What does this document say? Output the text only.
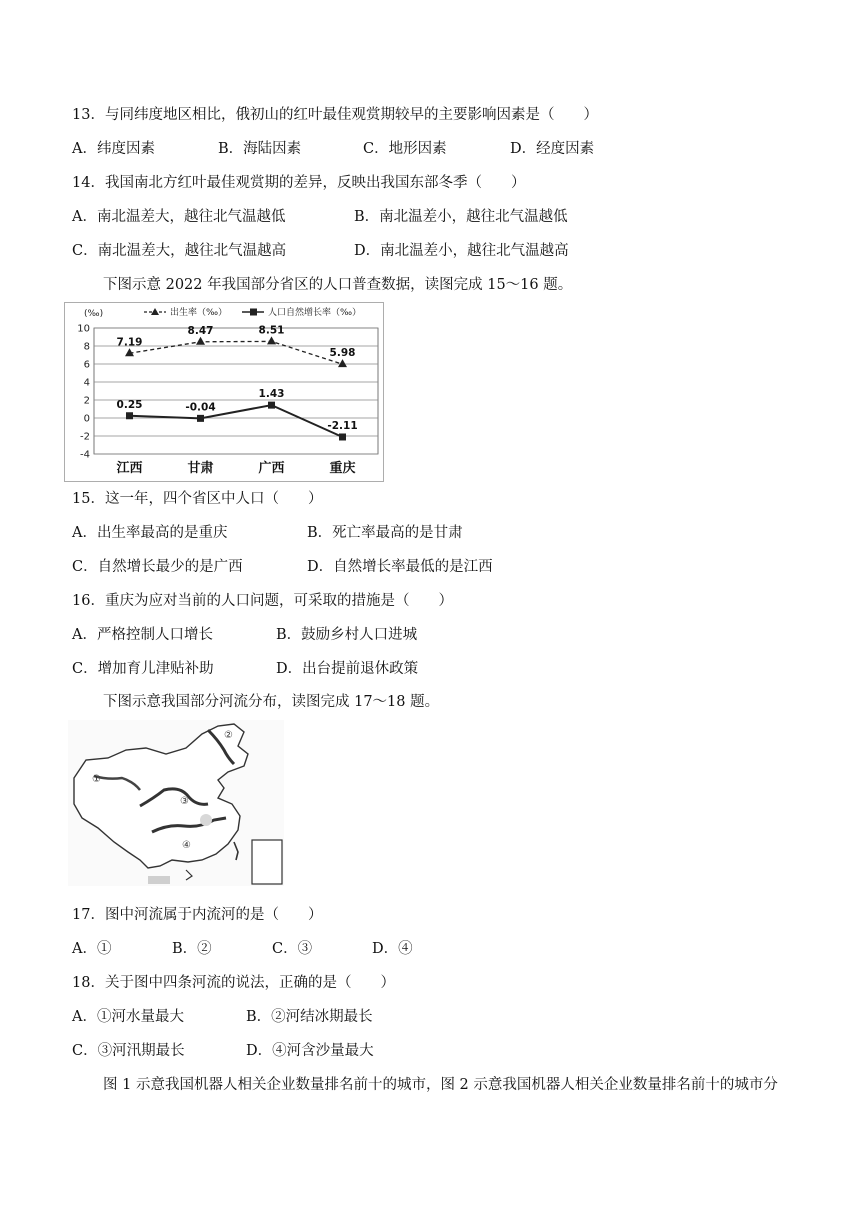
13．与同纬度地区相比，俄初山的红叶最佳观赏期较早的主要影响因素是（　　）
A．纬度因素	B．海陆因素	C．地形因素	D．经度因素
14．我国南北方红叶最佳观赏期的差异，反映出我国东部冬季（　　）
A．南北温差大，越往北气温越低	B．南北温差小，越往北气温越低
C．南北温差大，越往北气温越高	D．南北温差小，越往北气温越高
下图示意 2022 年我国部分省区的人口普查数据，读图完成 15～16 题。
(‰)	出生率（‰）	人口自然增长率（‰）
10
8
6
4
2
0
-2
-4
江西	甘肃	广西	重庆
7.19
8.47	8.51
5.98
0.25	-0.04
1.43
-2.11
15．这一年，四个省区中人口（　　）
A．出生率最高的是重庆	B．死亡率最高的是甘肃
C．自然增长最少的是广西	D．自然增长率最低的是江西
16．重庆为应对当前的人口问题，可采取的措施是（　　）
A．严格控制人口增长	B．鼓励乡村人口进城
C．增加育儿津贴补助	D．出台提前退休政策
下图示意我国部分河流分布，读图完成 17～18 题。
①
②
③
④
17．图中河流属于内流河的是（　　）
A．①	B．②	C．③	D．④
18．关于图中四条河流的说法，正确的是（　　）
A．①河水量最大	B．②河结冰期最长
C．③河汛期最长	D．④河含沙量最大
图 1 示意我国机器人相关企业数量排名前十的城市，图 2 示意我国机器人相关企业数量排名前十的城市分
